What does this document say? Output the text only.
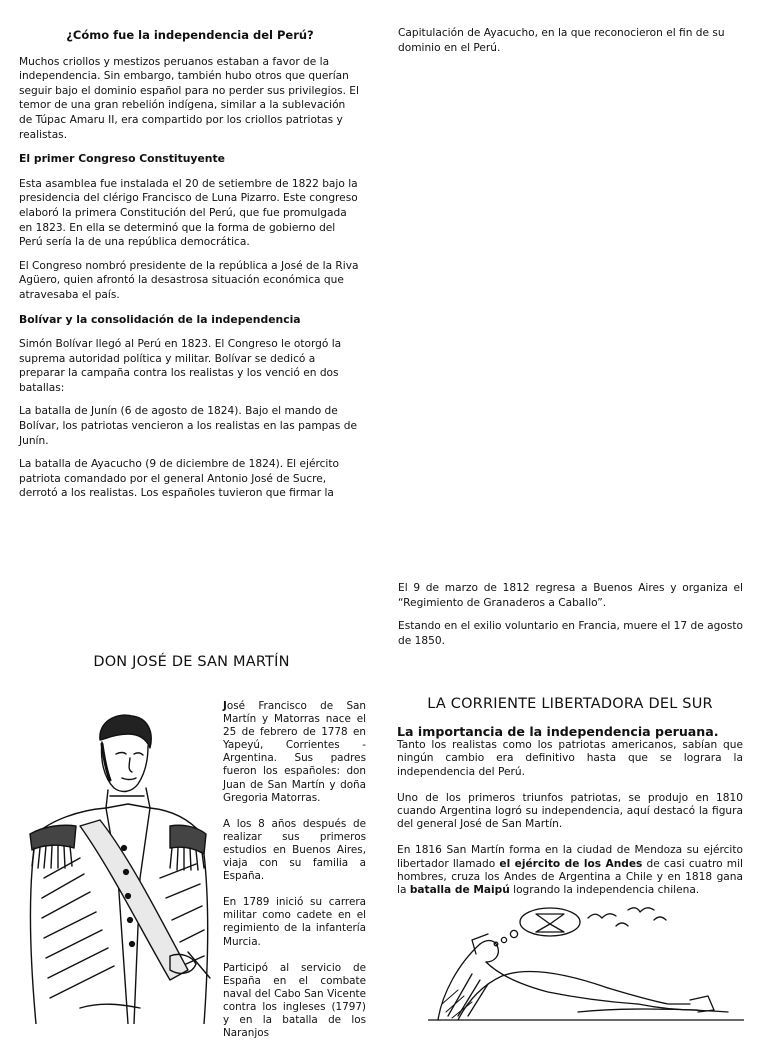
¿Cómo fue la independencia del Perú?

Muchos criollos y mestizos peruanos estaban a favor de la independencia. Sin embargo, también hubo otros que querían seguir bajo el dominio español para no perder sus privilegios. El temor de una gran rebelión indígena, similar a la sublevación de Túpac Amaru II, era compartido por los criollos patriotas y realistas.

El primer Congreso Constituyente

Esta asamblea fue instalada el 20 de setiembre de 1822 bajo la presidencia del clérigo Francisco de Luna Pizarro. Este congreso elaboró la primera Constitución del Perú, que fue promulgada en 1823. En ella se determinó que la forma de gobierno del Perú sería la de una república democrática.

El Congreso nombró presidente de la república a José de la Riva Agüero, quien afrontó la desastrosa situación económica que atravesaba el país.

Bolívar y la consolidación de la independencia

Simón Bolívar llegó al Perú en 1823. El Congreso le otorgó la suprema autoridad política y militar. Bolívar se dedicó a preparar la campaña contra los realistas y los venció en dos batallas:

La batalla de Junín (6 de agosto de 1824). Bajo el mando de Bolívar, los patriotas vencieron a los realistas en las pampas de Junín.

La batalla de Ayacucho (9 de diciembre de 1824). El ejército patriota comandado por el general Antonio José de Sucre, derrotó a los realistas. Los españoles tuvieron que firmar la

Capitulación de Ayacucho, en la que reconocieron el fin de su dominio en el Perú.

El 9 de marzo de 1812 regresa a Buenos Aires y organiza el “Regimiento de Granaderos a Caballo”.

Estando en el exilio voluntario en Francia, muere el 17 de agosto de 1850.

DON JOSÉ DE SAN MARTÍN

José Francisco de San Martín y Matorras nace el 25 de febrero de 1778 en Yapeyú, Corrientes - Argentina. Sus padres fueron los españoles: don Juan de San Martín y doña Gregoria Matorras.

A los 8 años después de realizar sus primeros estudios en Buenos Aires, viaja con su familia a España.

En 1789 inició su carrera militar como cadete en el regimiento de la infantería Murcia.

Participó al servicio de España en el combate naval del Cabo San Vicente contra los ingleses (1797) y en la batalla de los Naranjos

LA CORRIENTE LIBERTADORA DEL SUR

La importancia de la independencia peruana.

Tanto los realistas como los patriotas americanos, sabían que ningún cambio era definitivo hasta que se lograra la independencia del Perú.

Uno de los primeros triunfos patriotas, se produjo en 1810 cuando Argentina logró su independencia, aquí destacó la figura del general José de San Martín.

En 1816 San Martín forma en la ciudad de Mendoza su ejército libertador llamado el ejército de los Andes de casi cuatro mil hombres, cruza los Andes de Argentina a Chile y en 1818 gana la batalla de Maipú logrando la independencia chilena.
